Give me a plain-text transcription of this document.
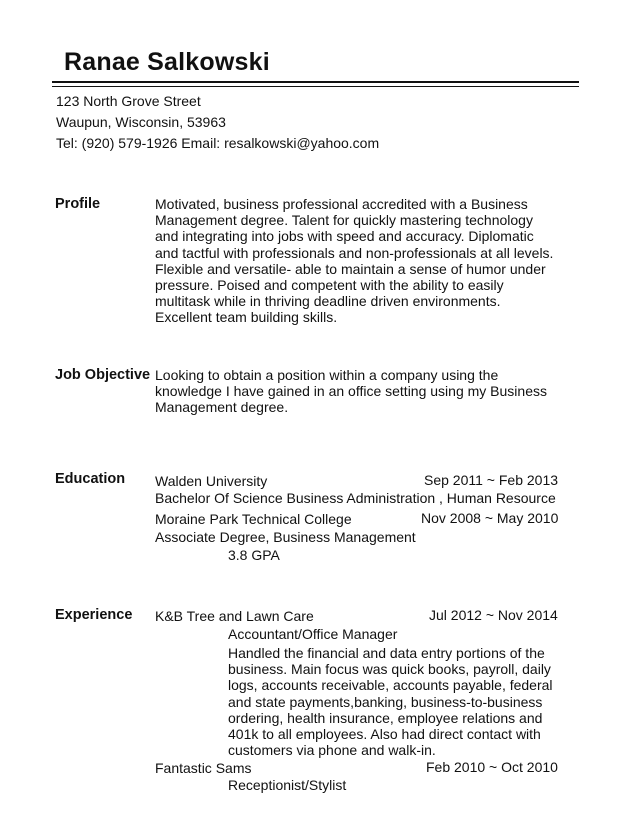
Ranae Salkowski
123 North Grove Street
Waupun, Wisconsin, 53963
Tel: (920) 579-1926 Email: resalkowski@yahoo.com
Profile	Motivated, business professional accredited with a Business
Management degree. Talent for quickly mastering technology
and integrating into jobs with speed and accuracy. Diplomatic
and tactful with professionals and non-professionals at all levels.
Flexible and versatile- able to maintain a sense of humor under
pressure. Poised and competent with the ability to easily
multitask while in thriving deadline driven environments.
Excellent team building skills.
Job Objective Looking to obtain a position within a company using the
knowledge I have gained in an office setting using my Business
Management degree.
Education Walden University	Sep 2011 ~ Feb 2013
Bachelor Of Science Business Administration , Human Resource
Moraine Park Technical College	Nov 2008 ~ May 2010
Associate Degree, Business Management
3.8 GPA
Experience K&B Tree and Lawn Care	Jul 2012 ~ Nov 2014
Accountant/Office Manager
Handled the financial and data entry portions of the
business. Main focus was quick books, payroll, daily
logs, accounts receivable, accounts payable, federal
and state payments,banking, business-to-business
ordering, health insurance, employee relations and
401k to all employees. Also had direct contact with
customers via phone and walk-in.
Fantastic Sams	Feb 2010 ~ Oct 2010
Receptionist/Stylist
